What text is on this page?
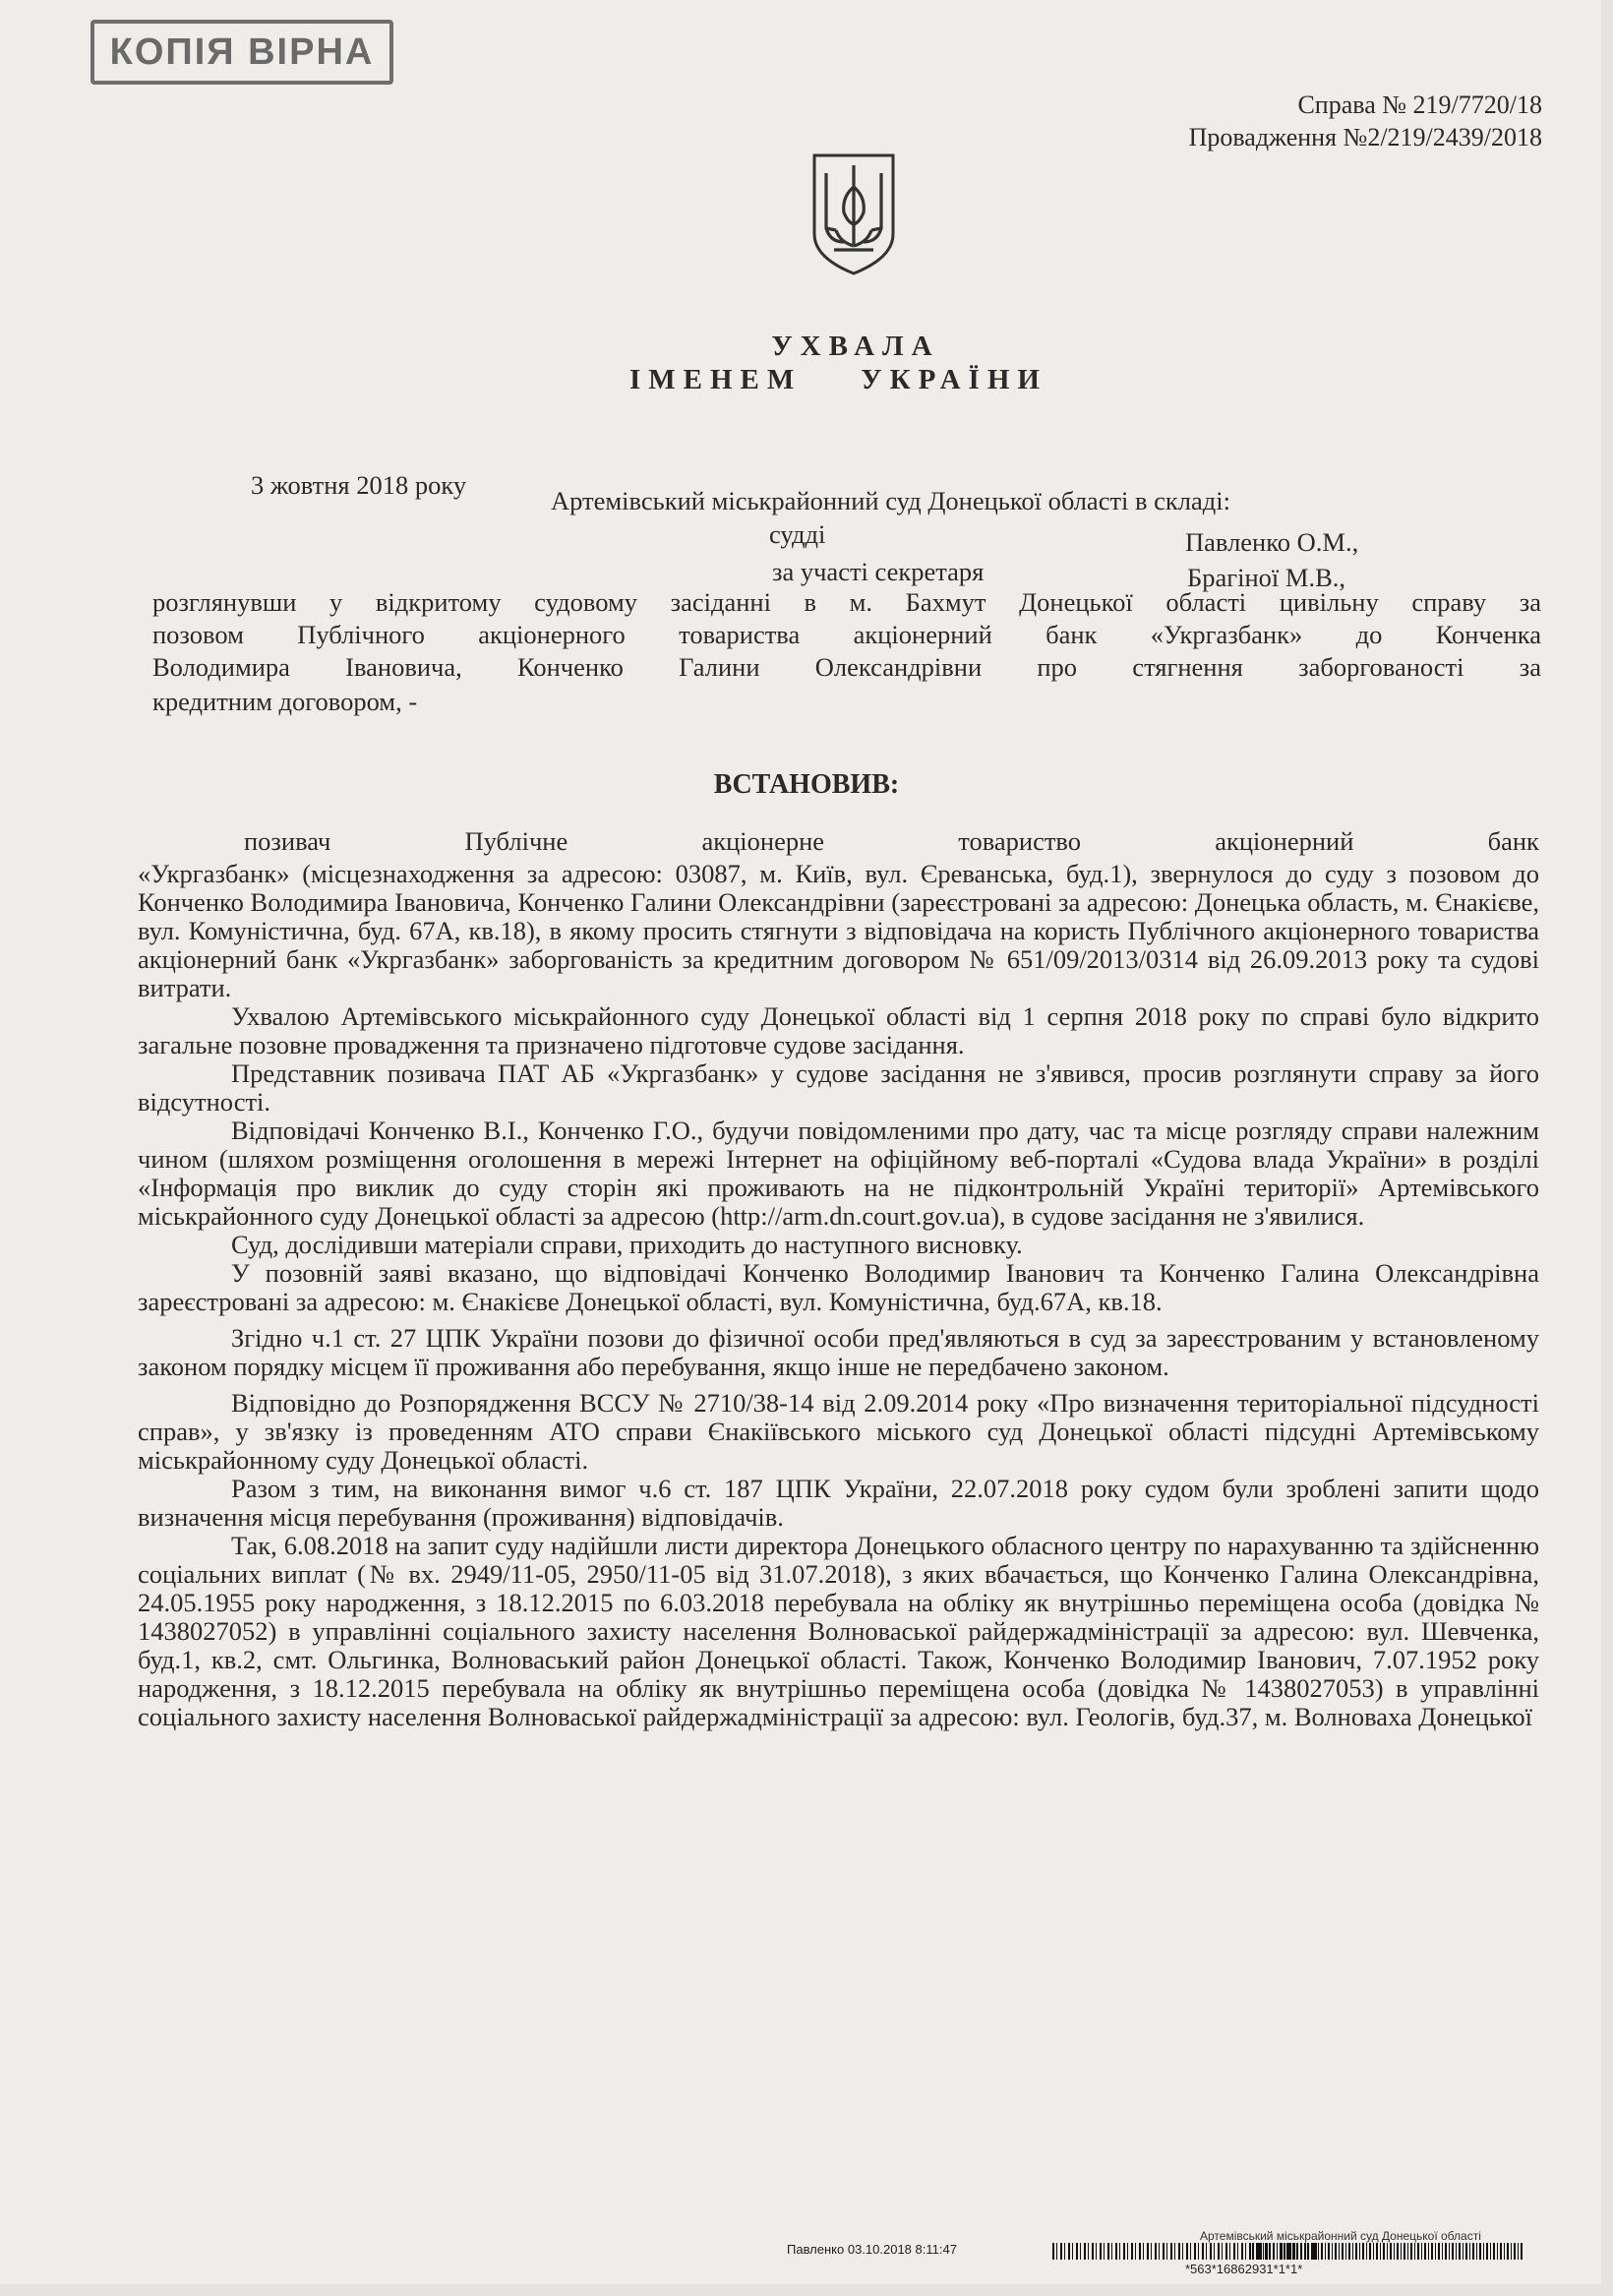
КОПІЯ ВІРНА
Справа № 219/7720/18
Провадження №2/219/2439/2018
УХВАЛА
ІМЕНЕМ УКРАЇНИ
3 жовтня 2018 року
Артемівський міськрайонний суд Донецької області в складі:
судді	Павленко О.М.,
за участі секретаря	Брагіної М.В.,
розглянувши у відкритому судовому засіданні в м. Бахмут Донецької області цивільну справу за
позовом Публічного акціонерного товариства акціонерний банк «Укргазбанк» до Конченка
Володимира Івановича, Конченко Галини Олександрівни про стягнення заборгованості за
кредитним договором, -
ВСТАНОВИВ:
позивач	Публічне	акціонерне	товариство	акціонерний	банк

«Укргазбанк» (місцезнаходження за адресою: 03087, м. Київ, вул. Єреванська, буд.1), звернулося до суду з позовом до Конченко Володимира Івановича, Конченко Галини Олександрівни (зареєстровані за адресою: Донецька область, м. Єнакієве, вул. Комуністична, буд. 67А, кв.18), в якому просить стягнути з відповідача на користь Публічного акціонерного товариства акціонерний банк «Укргазбанк» заборгованість за кредитним договором № 651/09/2013/0314 від 26.09.2013 року та судові витрати.

Ухвалою Артемівського міськрайонного суду Донецької області від 1 серпня 2018 року по справі було відкрито загальне позовне провадження та призначено підготовче судове засідання.

Представник позивача ПАТ АБ «Укргазбанк» у судове засідання не з'явився, просив розглянути справу за його відсутності.

Відповідачі Конченко В.І., Конченко Г.О., будучи повідомленими про дату, час та місце розгляду справи належним чином (шляхом розміщення оголошення в мережі Інтернет на офіційному веб-порталі «Судова влада України» в розділі «Інформація про виклик до суду сторін які проживають на не підконтрольній Україні території» Артемівського міськрайонного суду Донецької області за адресою (http://arm.dn.court.gov.ua), в судове засідання не з'явилися.

Суд, дослідивши матеріали справи, приходить до наступного висновку.

У позовній заяві вказано, що відповідачі Конченко Володимир Іванович та Конченко Галина Олександрівна зареєстровані за адресою: м. Єнакієве Донецької області, вул. Комуністична, буд.67А, кв.18.

Згідно ч.1 ст. 27 ЦПК України позови до фізичної особи пред'являються в суд за зареєстрованим у встановленому законом порядку місцем її проживання або перебування, якщо інше не передбачено законом.

Відповідно до Розпорядження ВССУ № 2710/38-14 від 2.09.2014 року «Про визначення територіальної підсудності справ», у зв'язку із проведенням АТО справи Єнакіївського міського суд Донецької області підсудні Артемівському міськрайонному суду Донецької області.

Разом з тим, на виконання вимог ч.6 ст. 187 ЦПК України, 22.07.2018 року судом були зроблені запити щодо визначення місця перебування (проживання) відповідачів.

Так, 6.08.2018 на запит суду надійшли листи директора Донецького обласного центру по нарахуванню та здійсненню соціальних виплат (№ вх. 2949/11-05, 2950/11-05 від 31.07.2018), з яких вбачається, що Конченко Галина Олександрівна, 24.05.1955 року народження, з 18.12.2015 по 6.03.2018 перебувала на обліку як внутрішньо переміщена особа (довідка № 1438027052) в управлінні соціального захисту населення Волноваської райдержадміністрації за адресою: вул. Шевченка, буд.1, кв.2, смт. Ольгинка, Волноваський район Донецької області. Також, Конченко Володимир Іванович, 7.07.1952 року народження, з 18.12.2015 перебувала на обліку як внутрішньо переміщена особа (довідка № 1438027053) в управлінні соціального захисту населення Волноваської райдержадміністрації за адресою: вул. Геологів, буд.37, м. Волноваха Донецької

Павленко 03.10.2018 8:11:47
Артемівський міськрайонний суд Донецької області
*563*16862931*1*1*
